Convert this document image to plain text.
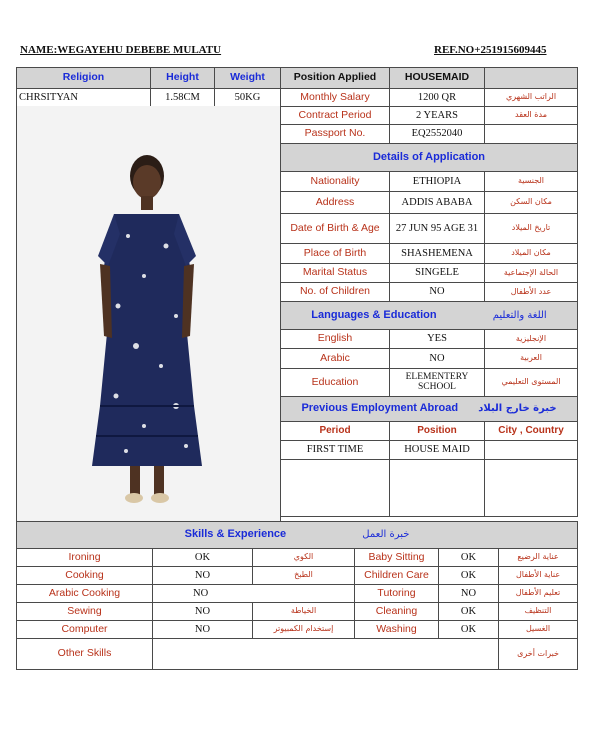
NAME:WEGAYEHU DEBEBE MULATU	REF.NO+251915609445
Religion	Height	Weight	Position Applied	HOUSEMAID	
CHRSITYAN	1.58CM	50KG	Monthly Salary	1200 QR	الراتب الشهري
Contract Period	2 YEARS	مدة العقد
Passport No.	EQ2552040	
Details of Application		
Nationality	ETHIOPIA	الجنسية
Address	ADDIS ABABA	مكان السكن
Date of Birth & Age	27 JUN 95 AGE 31	تاريخ الميلاد
Place of Birth	SHASHEMENA	مكان الميلاد
Marital Status	SINGELE	الحالة الإجتماعية
No. of Children	NO	عدد الأطفال
Languages & Education اللغة والتعليم		
English	YES	الإنجليزية
Arabic	NO	العربية
Education	ELEMENTERY SCHOOL	المستوى التعليمي
Previous Employment Abroad خبرة خارج البلاد		
Period	Position	City , Country
FIRST TIME	HOUSE MAID	

Skills & Experience خبرة العمل					
Ironing	OK	الكوي	Baby Sitting	OK	عناية الرضيع
Cooking	NO	الطبخ	Children Care	OK	عناية الأطفال
Arabic Cooking	NO		Tutoring	NO	تعليم الأطفال
Sewing	NO	الخياطة	Cleaning	OK	التنظيف
Computer	NO	إستخدام الكمبيوتر	Washing	OK	الغسيل
Other Skills					خبرات أخرى
